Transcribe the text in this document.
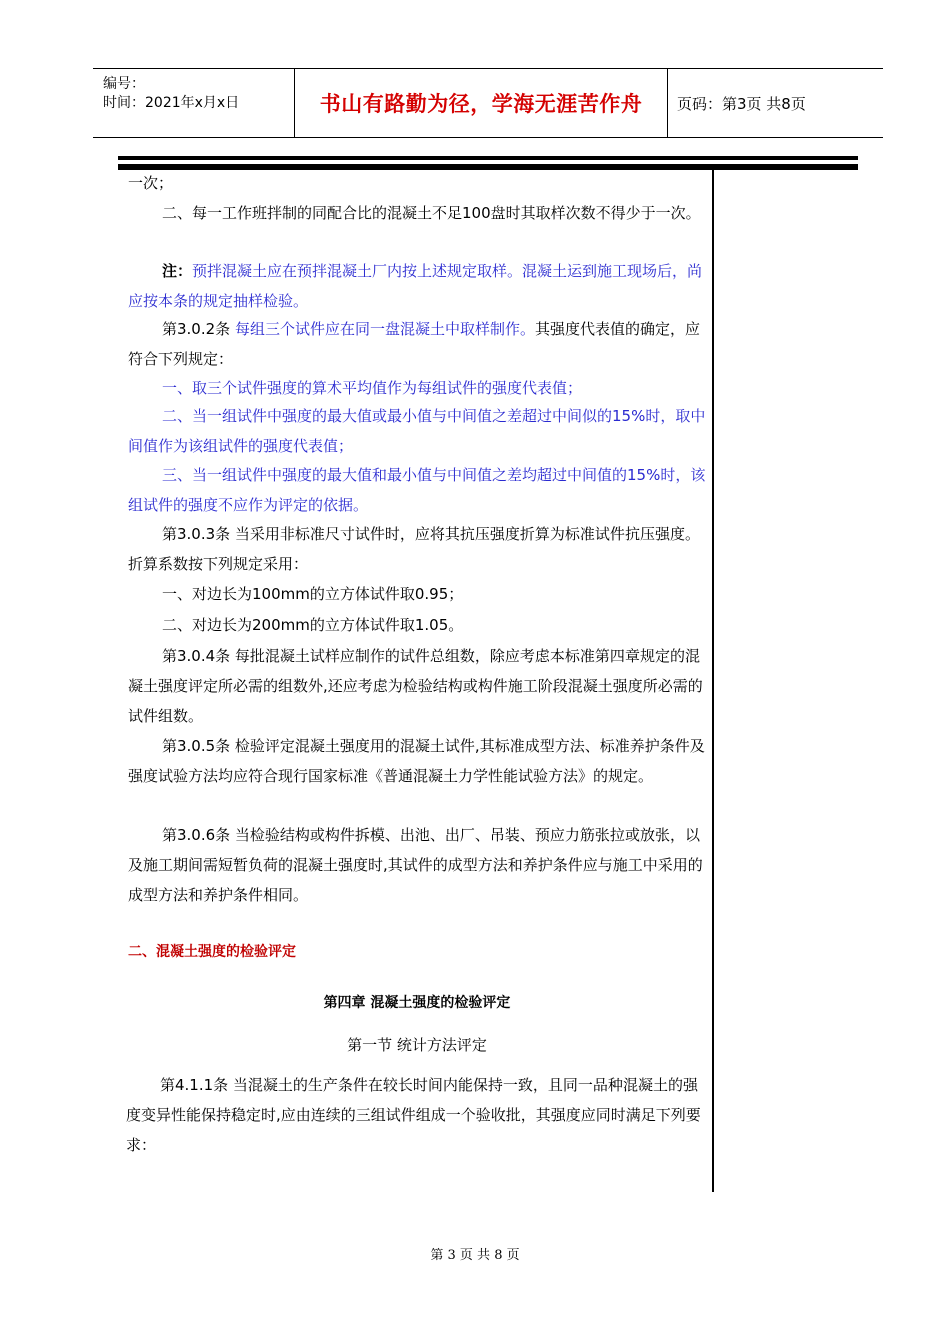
编号：
时间：2021年x月x日	书山有路勤为径，学海无涯苦作舟	页码：第3页 共8页

一次；

二、每一工作班拌制的同配合比的混凝土不足100盘时其取样次数不得少于一次。

注：预拌混凝土应在预拌混凝土厂内按上述规定取样。混凝土运到施工现场后，尚应按本条的规定抽样检验。

第3.0.2条 每组三个试件应在同一盘混凝土中取样制作。其强度代表值的确定，应符合下列规定：

一、取三个试件强度的算术平均值作为每组试件的强度代表值；

二、当一组试件中强度的最大值或最小值与中间值之差超过中间似的15%时，取中间值作为该组试件的强度代表值；

三、当一组试件中强度的最大值和最小值与中间值之差均超过中间值的15%时，该组试件的强度不应作为评定的依据。

第3.0.3条 当采用非标准尺寸试件时，应将其抗压强度折算为标准试件抗压强度。折算系数按下列规定采用：

一、对边长为100mm的立方体试件取0.95；

二、对边长为200mm的立方体试件取1.05。

第3.0.4条 每批混凝土试样应制作的试件总组数，除应考虑本标准第四章规定的混凝土强度评定所必需的组数外,还应考虑为检验结构或构件施工阶段混凝土强度所必需的试件组数。

第3.0.5条 检验评定混凝土强度用的混凝土试件,其标准成型方法、标准养护条件及强度试验方法均应符合现行国家标准《普通混凝土力学性能试验方法》的规定。

第3.0.6条 当检验结构或构件拆模、出池、出厂、吊装、预应力筋张拉或放张，以及施工期间需短暂负荷的混凝土强度时,其试件的成型方法和养护条件应与施工中采用的成型方法和养护条件相同。

二、混凝土强度的检验评定

第四章 混凝土强度的检验评定

第一节 统计方法评定

第4.1.1条 当混凝土的生产条件在较长时间内能保持一致，且同一品种混凝土的强度变异性能保持稳定时,应由连续的三组试件组成一个验收批，其强度应同时满足下列要求：

第 3 页 共 8 页
